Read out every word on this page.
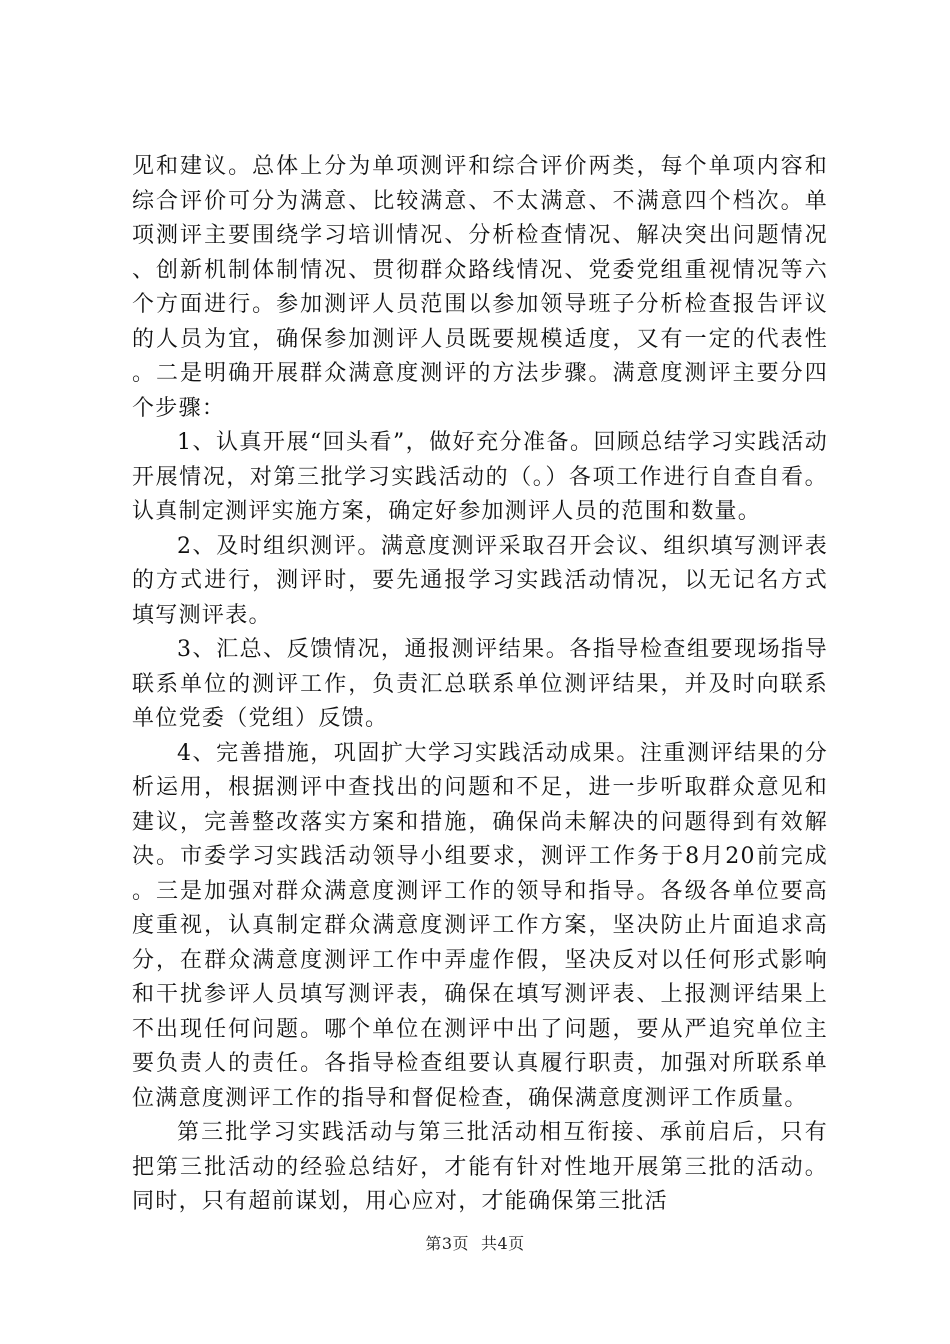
见和建议。总体上分为单项测评和综合评价两类，每个单项内容和综合评价可分为满意、比较满意、不太满意、不满意四个档次。单项测评主要围绕学习培训情况、分析检查情况、解决突出问题情况、创新机制体制情况、贯彻群众路线情况、党委党组重视情况等六个方面进行。参加测评人员范围以参加领导班子分析检查报告评议的人员为宜，确保参加测评人员既要规模适度，又有一定的代表性。二是明确开展群众满意度测评的方法步骤。满意度测评主要分四个步骤：

1、认真开展“回头看”，做好充分准备。回顾总结学习实践活动开展情况，对第三批学习实践活动的（。）各项工作进行自查自看。认真制定测评实施方案，确定好参加测评人员的范围和数量。

2、及时组织测评。满意度测评采取召开会议、组织填写测评表的方式进行，测评时，要先通报学习实践活动情况，以无记名方式填写测评表。

3、汇总、反馈情况，通报测评结果。各指导检查组要现场指导联系单位的测评工作，负责汇总联系单位测评结果，并及时向联系单位党委（党组）反馈。

4、完善措施，巩固扩大学习实践活动成果。注重测评结果的分析运用，根据测评中查找出的问题和不足，进一步听取群众意见和建议，完善整改落实方案和措施，确保尚未解决的问题得到有效解决。市委学习实践活动领导小组要求，测评工作务于8月20前完成。三是加强对群众满意度测评工作的领导和指导。各级各单位要高度重视，认真制定群众满意度测评工作方案，坚决防止片面追求高分，在群众满意度测评工作中弄虚作假，坚决反对以任何形式影响和干扰参评人员填写测评表，确保在填写测评表、上报测评结果上不出现任何问题。哪个单位在测评中出了问题，要从严追究单位主要负责人的责任。各指导检查组要认真履行职责，加强对所联系单位满意度测评工作的指导和督促检查，确保满意度测评工作质量。

第三批学习实践活动与第三批活动相互衔接、承前启后，只有把第三批活动的经验总结好，才能有针对性地开展第三批的活动。同时，只有超前谋划，用心应对，才能确保第三批活

第3页 共4页
